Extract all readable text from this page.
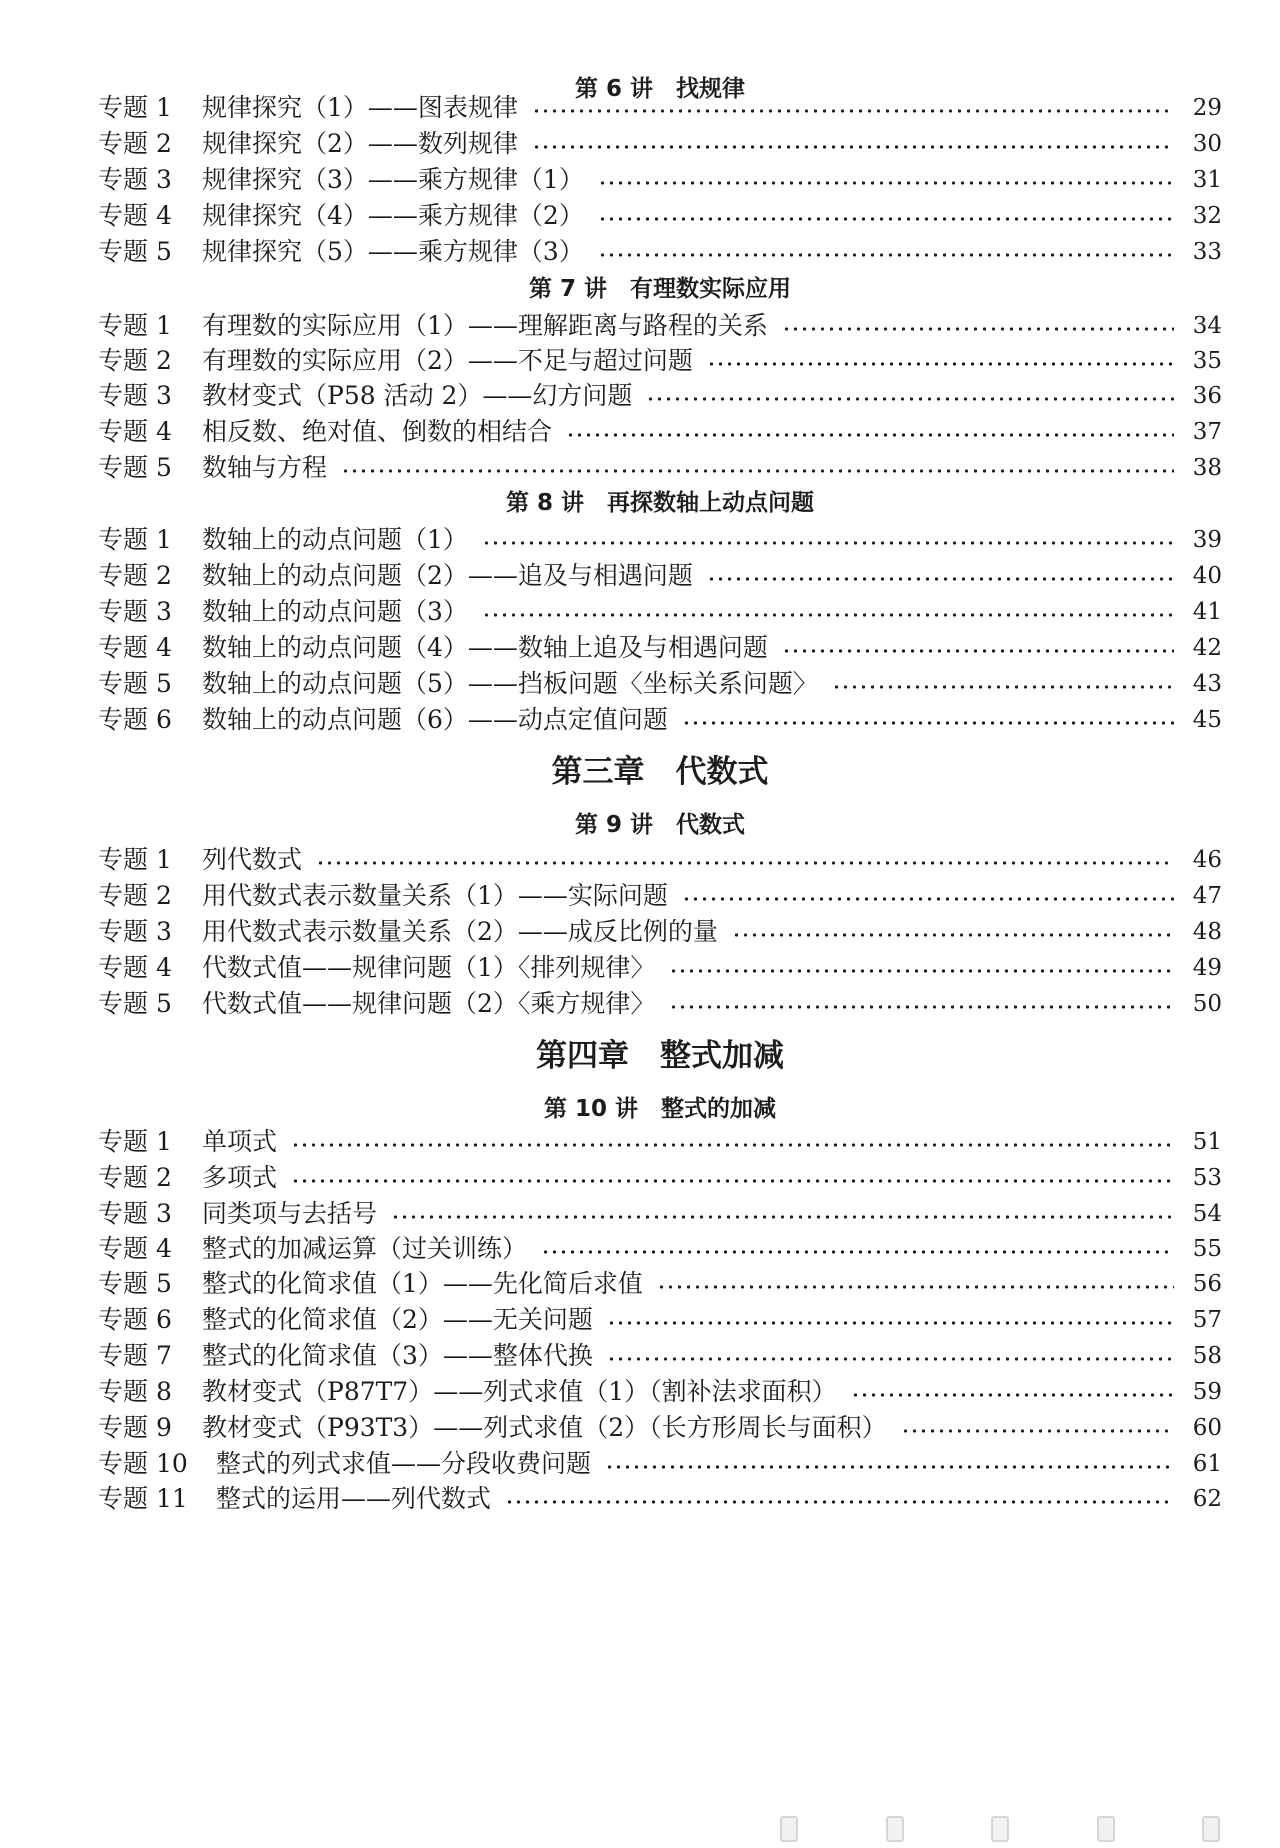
第 6 讲　找规律
专题 1	规律探究（1）——图表规律	29
专题 2	规律探究（2）——数列规律	30
专题 3	规律探究（3）——乘方规律（1）	31
专题 4	规律探究（4）——乘方规律（2）	32
专题 5	规律探究（5）——乘方规律（3）	33
第 7 讲　有理数实际应用
专题 1	有理数的实际应用（1）——理解距离与路程的关系	34
专题 2	有理数的实际应用（2）——不足与超过问题	35
专题 3	教材变式（P58 活动 2）——幻方问题	36
专题 4	相反数、绝对值、倒数的相结合	37
专题 5	数轴与方程	38
第 8 讲　再探数轴上动点问题
专题 1	数轴上的动点问题（1）	39
专题 2	数轴上的动点问题（2）——追及与相遇问题	40
专题 3	数轴上的动点问题（3）	41
专题 4	数轴上的动点问题（4）——数轴上追及与相遇问题	42
专题 5	数轴上的动点问题（5）——挡板问题〈坐标关系问题〉	43
专题 6	数轴上的动点问题（6）——动点定值问题	45
第三章　代数式
第 9 讲　代数式
专题 1	列代数式	46
专题 2	用代数式表示数量关系（1）——实际问题	47
专题 3	用代数式表示数量关系（2）——成反比例的量	48
专题 4	代数式值——规律问题（1）〈排列规律〉	49
专题 5	代数式值——规律问题（2）〈乘方规律〉	50
第四章　整式加减
第 10 讲　整式的加减
专题 1	单项式	51
专题 2	多项式	53
专题 3	同类项与去括号	54
专题 4	整式的加减运算（过关训练）	55
专题 5	整式的化简求值（1）——先化简后求值	56
专题 6	整式的化简求值（2）——无关问题	57
专题 7	整式的化简求值（3）——整体代换	58
专题 8	教材变式（P87T7）——列式求值（1）（割补法求面积）	59
专题 9	教材变式（P93T3）——列式求值（2）（长方形周长与面积）	60
专题 10	整式的列式求值——分段收费问题	61
专题 11	整式的运用——列代数式	62
